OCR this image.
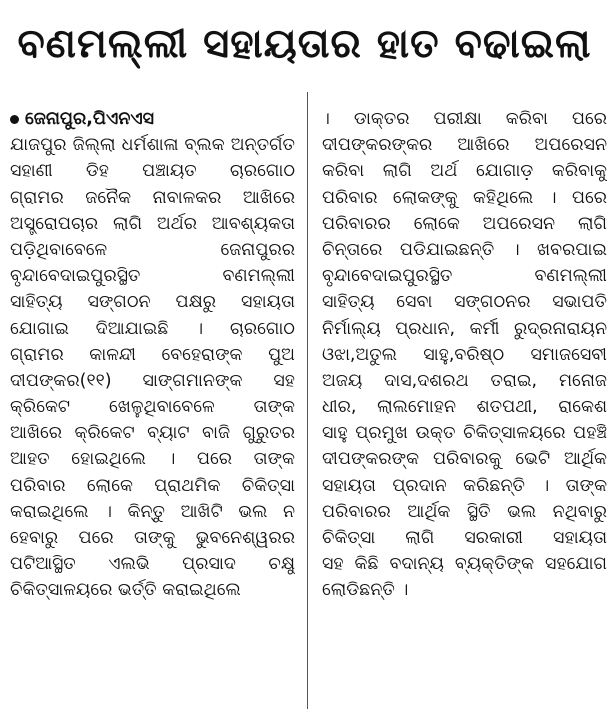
ବଣମଲ୍ଲୀ ସହାୟତାର ହାତ ବଢାଇଲା
ଜେନାପୁର,ପିଏନଏସ
ଯାଜପୁର ଜିଲ୍ଲା ଧର୍ମଶାଳା ବ୍ଲକ ଅନ୍ତର୍ଗତ
ସହାଣୀ ଡିହ ପଞ୍ଚାୟତ ଚାରଗୋଠ
ଗ୍ରାମର ଜନୈକ ନାବାଳକର ଆଖିରେ
ଅସ୍ତ୍ରୋପଚାର ଲାଗି ଅର୍ଥର ଆବଶ୍ୟକତା
ପଡ଼ିଥିବାବେଳେ ଜେନାପୁରର
ବୃନ୍ଦାବେଦାଇପୁରସ୍ଥିତ ବଣମଲ୍ଲୀ
ସାହିତ୍ୟ ସଙ୍ଗଠନ ପକ୍ଷରୁ ସହାୟତା
ଯୋଗାଇ ଦିଆଯାଇଛି । ଚାରଗୋଠ
ଗ୍ରାମର କାଳନ୍ଦୀ ବେହେରାଙ୍କ ପୁଅ
ଦୀପଙ୍କର(୧୧) ସାଙ୍ଗମାନଙ୍କ ସହ
କ୍ରିକେଟ ଖେଳୁଥିବାବେଳେ ତାଙ୍କ
ଆଖିରେ କ୍ରିକେଟ ବ୍ୟାଟ ବାଜି ଗୁରୁତର
ଆହତ ହୋଇଥିଲେ । ପରେ ତାଙ୍କ
ପରିବାର ଲୋକେ ପ୍ରାଥମିକ ଚିକିତ୍ସା
କରାଇଥିଲେ । କିନ୍ତୁ ଆଖିଟି ଭଲ ନ
ହେବାରୁ ପରେ ତାଙ୍କୁ ଭୁବନେଶ୍ୱରର
ପଟିଆସ୍ଥିତ ଏଲଭି ପ୍ରସାଦ ଚକ୍ଷୁ
ଚିକିତ୍ସାଳୟରେ ଭର୍ତ୍ତି କରାଇଥିଲେ
। ଡାକ୍ତର ପରୀକ୍ଷା କରିବା ପରେ
ଦୀପଙ୍କରଙ୍କର ଆଖିରେ ଅପରେସନ
କରିବା ଲାଗି ଅର୍ଥ ଯୋଗାଡ଼ କରିବାକୁ
ପରିବାର ଲୋକଙ୍କୁ କହିଥିଲେ । ପରେ
ପରିବାରର ଲୋକେ ଅପରେସନ ଲାଗି
ଚିନ୍ତାରେ ପଡିଯାଇଛନ୍ତି । ଖବରପାଇ
ବୃନ୍ଦାବେଦାଇପୁରସ୍ଥିତ ବଣମଲ୍ଲୀ
ସାହିତ୍ୟ ସେବା ସଙ୍ଗଠନର ସଭାପତି
ନିର୍ମାଲ୍ୟ ପ୍ରଧାନ, କର୍ମୀ ରୁଦ୍ରନାରାୟନ
ଓଝା,ଅତୁଲ ସାହୁ,ବରିଷ୍ଠ ସମାଜସେବୀ
ଅଜୟ ଦାସ,ଦଶରଥ ତରାଇ, ମନୋଜ
ଧୀର, ଲାଲମୋହନ ଶତପଥୀ, ରାକେଶ
ସାହୁ ପ୍ରମୁଖ ଉକ୍ତ ଚିକିତ୍ସାଳୟରେ ପହଞ୍ଚି
ଦୀପଙ୍କରଙ୍କ ପରିବାରକୁ ଭେଟି ଆର୍ଥିକ
ସହାୟତା ପ୍ରଦାନ କରିଛନ୍ତି । ତାଙ୍କ
ପରିବାରର ଆର୍ଥିକ ସ୍ଥିତି ଭଲ ନଥିବାରୁ
ଚିକିତ୍ସା ଲାଗି ସରକାରୀ ସହାୟତା
ସହ କିଛି ବଦାନ୍ୟ ବ୍ୟକ୍ତିଙ୍କ ସହଯୋଗ
ଲୋଡିଛନ୍ତି ।
